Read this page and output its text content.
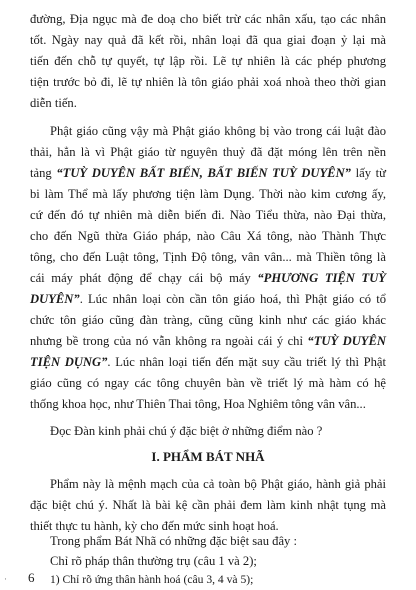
đường, Địa ngục mà đe doạ cho biết trừ các nhân xấu, tạo các nhân
tốt. Ngày nay quả đã kết rồi, nhân loại đã qua giai đoạn ỷ lại mà
tiến đến chỗ tự quyết, tự lập rồi. Lẽ tự nhiên là các phép phương
tiện trước bỏ đi, lẽ tự nhiên là tôn giáo phải xoá nhoà theo thời gian
diễn tiến.
Phật giáo cũng vậy mà Phật giáo không bị vào trong cái luật đào
thải, hẳn là vì Phật giáo từ nguyên thuỷ đã đặt móng lên trên nền
tảng “TUỲ DUYÊN BẤT BIẾN, BẤT BIẾN TUỲ DUYÊN” lấy từ
bi làm Thể mà lấy phương tiện làm Dụng. Thời nào kim cương ấy,
cứ đến đó tự nhiên mà diễn biến đi. Nào Tiểu thừa, nào Đại thừa,
cho đến Ngũ thừa Giáo pháp, nào Câu Xá tông, nào Thành Thực
tông, cho đến Luật tông, Tịnh Độ tông, vân vân... mà Thiền tông là
cái máy phát động để chạy cái bộ máy “PHƯƠNG TIỆN TUỲ
DUYÊN”. Lúc nhân loại còn cần tôn giáo hoá, thì Phật giáo có tổ
chức tôn giáo cũng đàn tràng, cũng cũng kinh như các giáo khác
nhưng bề trong của nó vẫn không ra ngoài cái ý chỉ “TUỲ DUYÊN
TIỆN DỤNG”. Lúc nhân loại tiến đến mặt suy cầu triết lý thì Phật
giáo cũng có ngay các tông chuyên bàn về triết lý mà hàm có hệ
thống khoa học, như Thiên Thai tông, Hoa Nghiêm tông vân vân...
Đọc Đàn kinh phải chú ý đặc biệt ở những điểm nào ?
I. PHẨM BÁT NHÃ
Phẩm này là mệnh mạch của cả toàn bộ Phật giáo, hành giả phải
đặc biệt chú ý. Nhất là bài kệ cần phải đem làm kinh nhật tụng mà
thiết thực tu hành, kỳ cho đến mức sinh hoạt hoá.
Trong phẩm Bát Nhã có những đặc biệt sau đây :
Chỉ rõ pháp thân thường trụ (câu 1 và 2);
1) Chỉ rõ ứng thân hành hoá (câu 3, 4 và 5);
6
·
